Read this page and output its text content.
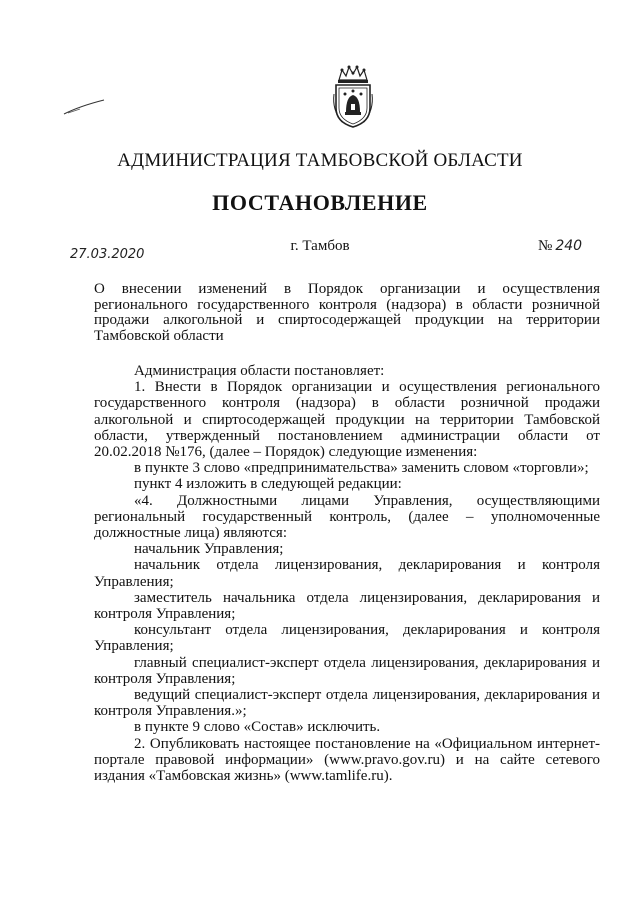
АДМИНИСТРАЦИЯ ТАМБОВСКОЙ ОБЛАСТИ
ПОСТАНОВЛЕНИЕ
27.03.2020
г. Тамбов	№ 240
О внесении изменений в Порядок организации и осуществления регионального государственного контроля (надзора) в области розничной продажи алкогольной и спиртосодержащей продукции на территории Тамбовской области

Администрация области постановляет:

1. Внести в Порядок организации и осуществления регионального государственного контроля (надзора) в области розничной продажи алкогольной и спиртосодержащей продукции на территории Тамбовской области, утвержденный постановлением администрации области от 20.02.2018 №176, (далее – Порядок) следующие изменения:

в пункте 3 слово «предпринимательства» заменить словом «торговли»;

пункт 4 изложить в следующей редакции:

«4. Должностными лицами Управления, осуществляющими региональный государственный контроль, (далее – уполномоченные должностные лица) являются:

начальник Управления;

начальник отдела лицензирования, декларирования и контроля Управления;

заместитель начальника отдела лицензирования, декларирования и контроля Управления;

консультант отдела лицензирования, декларирования и контроля Управления;

главный специалист-эксперт отдела лицензирования, декларирования и контроля Управления;

ведущий специалист-эксперт отдела лицензирования, декларирования и контроля Управления.»;

в пункте 9 слово «Состав» исключить.

2. Опубликовать настоящее постановление на «Официальном интернет-портале правовой информации» (www.pravo.gov.ru) и на сайте сетевого издания «Тамбовская жизнь» (www.tamlife.ru).
